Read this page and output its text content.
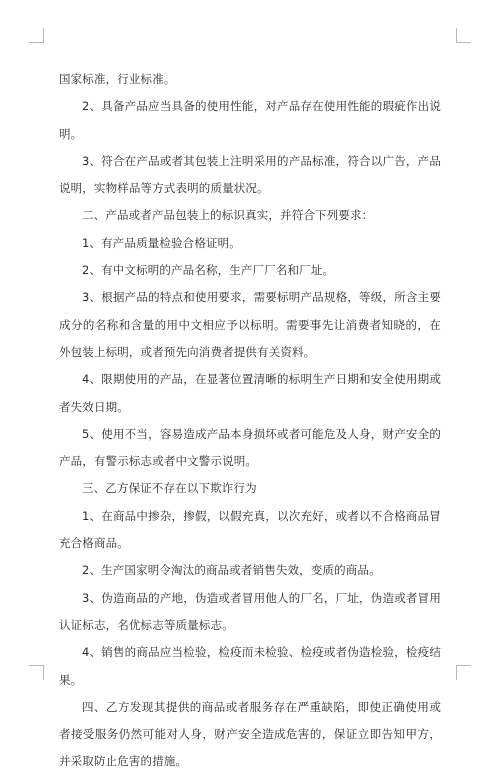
国家标准，行业标准。

2、具备产品应当具备的使用性能，对产品存在使用性能的瑕疵作出说明。

3、符合在产品或者其包装上注明采用的产品标准，符合以广告，产品说明，实物样品等方式表明的质量状况。

二、产品或者产品包装上的标识真实，并符合下列要求：

1、有产品质量检验合格证明。

2、有中文标明的产品名称，生产厂厂名和厂址。

3、根据产品的特点和使用要求，需要标明产品规格，等级，所含主要成分的名称和含量的用中文相应予以标明。需要事先让消费者知晓的，在外包装上标明，或者预先向消费者提供有关资料。

4、限期使用的产品，在显著位置清晰的标明生产日期和安全使用期或者失效日期。

5、使用不当，容易造成产品本身损坏或者可能危及人身，财产安全的产品，有警示标志或者中文警示说明。

三、乙方保证不存在以下欺诈行为

1、在商品中掺杂，掺假，以假充真，以次充好，或者以不合格商品冒充合格商品。

2、生产国家明令淘汰的商品或者销售失效，变质的商品。

3、伪造商品的产地，伪造或者冒用他人的厂名，厂址，伪造或者冒用认证标志，名优标志等质量标志。

4、销售的商品应当检验，检疫而未检验、检疫或者伪造检验，检疫结果。

四、乙方发现其提供的商品或者服务存在严重缺陷，即使正确使用或者接受服务仍然可能对人身，财产安全造成危害的，保证立即告知甲方，并采取防止危害的措施。
